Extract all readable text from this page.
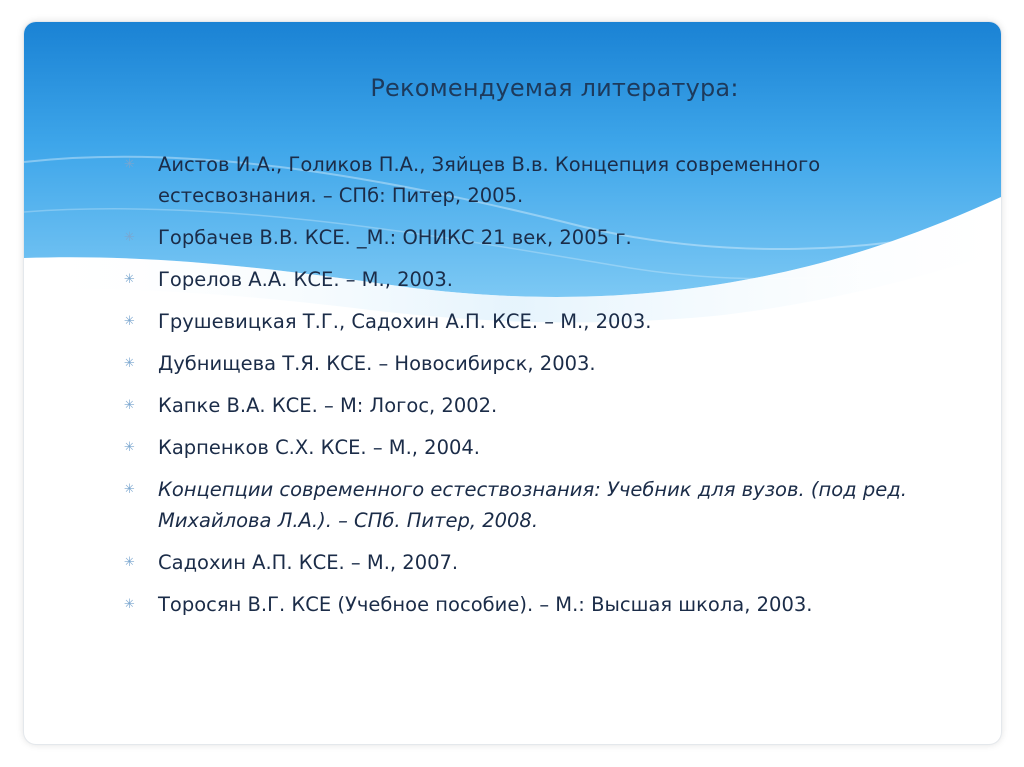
Рекомендуемая литература:
✳ Аистов И.А., Голиков П.А., Зяйцев В.в. Концепция современного естесвознания. – СПб: Питер, 2005.
✳ Горбачев В.В. КСЕ. _М.: ОНИКС 21 век, 2005 г.
✳ Горелов А.А. КСЕ. – М., 2003.
✳ Грушевицкая Т.Г., Садохин А.П. КСЕ. – М., 2003.
✳ Дубнищева Т.Я. КСЕ. – Новосибирск, 2003.
✳ Капке В.А. КСЕ. – М: Логос, 2002.
✳ Карпенков С.Х. КСЕ. – М., 2004.
✳ Концепции современного естествознания: Учебник для вузов. (под ред. Михайлова Л.А.). – СПб. Питер, 2008.
✳ Садохин А.П. КСЕ. – М., 2007.
✳ Торосян В.Г. КСЕ (Учебное пособие). – М.: Высшая школа, 2003.
